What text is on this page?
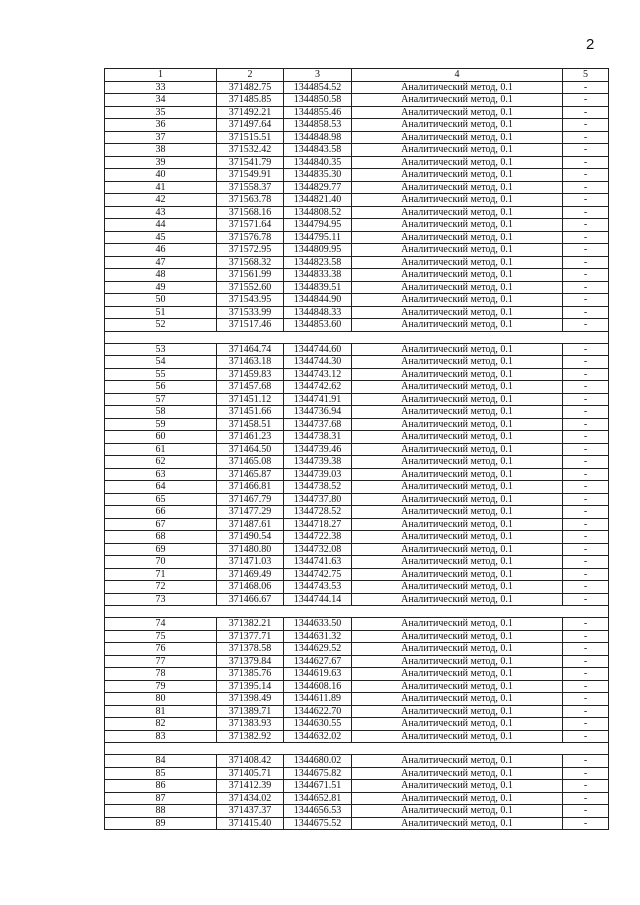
2
1	2	3	4	5
33	371482.75	1344854.52	Аналитический метод, 0.1	-
34	371485.85	1344850.58	Аналитический метод, 0.1	-
35	371492.21	1344855.46	Аналитический метод, 0.1	-
36	371497.64	1344858.53	Аналитический метод, 0.1	-
37	371515.51	1344848.98	Аналитический метод, 0.1	-
38	371532.42	1344843.58	Аналитический метод, 0.1	-
39	371541.79	1344840.35	Аналитический метод, 0.1	-
40	371549.91	1344835.30	Аналитический метод, 0.1	-
41	371558.37	1344829.77	Аналитический метод, 0.1	-
42	371563.78	1344821.40	Аналитический метод, 0.1	-
43	371568.16	1344808.52	Аналитический метод, 0.1	-
44	371571.64	1344794.95	Аналитический метод, 0.1	-
45	371576.78	1344795.11	Аналитический метод, 0.1	-
46	371572.95	1344809.95	Аналитический метод, 0.1	-
47	371568.32	1344823.58	Аналитический метод, 0.1	-
48	371561.99	1344833.38	Аналитический метод, 0.1	-
49	371552.60	1344839.51	Аналитический метод, 0.1	-
50	371543.95	1344844.90	Аналитический метод, 0.1	-
51	371533.99	1344848.33	Аналитический метод, 0.1	-
52	371517.46	1344853.60	Аналитический метод, 0.1	-

53	371464.74	1344744.60	Аналитический метод, 0.1	-
54	371463.18	1344744.30	Аналитический метод, 0.1	-
55	371459.83	1344743.12	Аналитический метод, 0.1	-
56	371457.68	1344742.62	Аналитический метод, 0.1	-
57	371451.12	1344741.91	Аналитический метод, 0.1	-
58	371451.66	1344736.94	Аналитический метод, 0.1	-
59	371458.51	1344737.68	Аналитический метод, 0.1	-
60	371461.23	1344738.31	Аналитический метод, 0.1	-
61	371464.50	1344739.46	Аналитический метод, 0.1	-
62	371465.08	1344739.38	Аналитический метод, 0.1	-
63	371465.87	1344739.03	Аналитический метод, 0.1	-
64	371466.81	1344738.52	Аналитический метод, 0.1	-
65	371467.79	1344737.80	Аналитический метод, 0.1	-
66	371477.29	1344728.52	Аналитический метод, 0.1	-
67	371487.61	1344718.27	Аналитический метод, 0.1	-
68	371490.54	1344722.38	Аналитический метод, 0.1	-
69	371480.80	1344732.08	Аналитический метод, 0.1	-
70	371471.03	1344741.63	Аналитический метод, 0.1	-
71	371469.49	1344742.75	Аналитический метод, 0.1	-
72	371468.06	1344743.53	Аналитический метод, 0.1	-
73	371466.67	1344744.14	Аналитический метод, 0.1	-

74	371382.21	1344633.50	Аналитический метод, 0.1	-
75	371377.71	1344631.32	Аналитический метод, 0.1	-
76	371378.58	1344629.52	Аналитический метод, 0.1	-
77	371379.84	1344627.67	Аналитический метод, 0.1	-
78	371385.76	1344619.63	Аналитический метод, 0.1	-
79	371395.14	1344608.16	Аналитический метод, 0.1	-
80	371398.49	1344611.89	Аналитический метод, 0.1	-
81	371389.71	1344622.70	Аналитический метод, 0.1	-
82	371383.93	1344630.55	Аналитический метод, 0.1	-
83	371382.92	1344632.02	Аналитический метод, 0.1	-

84	371408.42	1344680.02	Аналитический метод, 0.1	-
85	371405.71	1344675.82	Аналитический метод, 0.1	-
86	371412.39	1344671.51	Аналитический метод, 0.1	-
87	371434.02	1344652.81	Аналитический метод, 0.1	-
88	371437.37	1344656.53	Аналитический метод, 0.1	-
89	371415.40	1344675.52	Аналитический метод, 0.1	-
